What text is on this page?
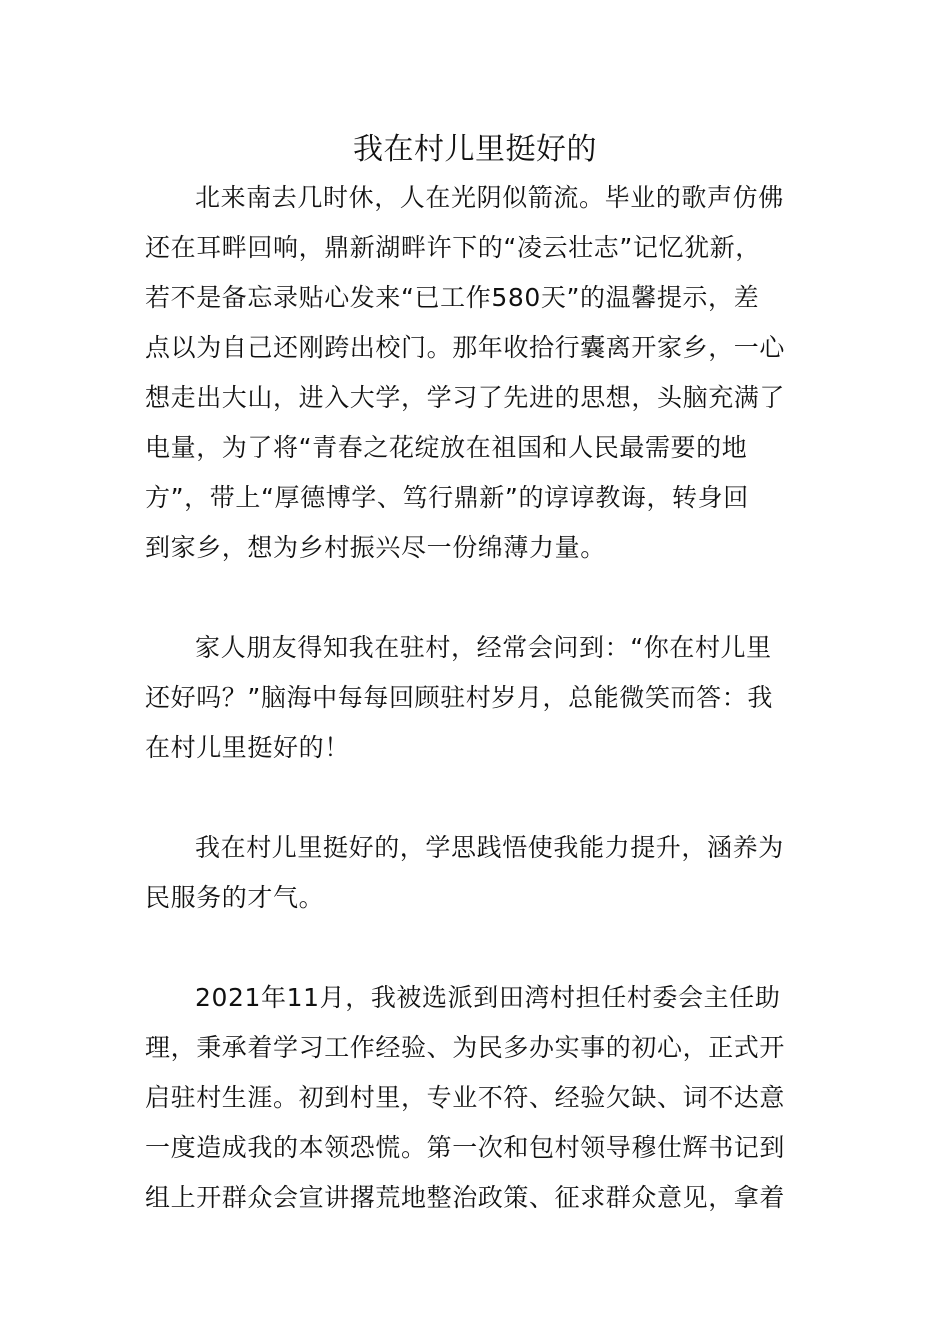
我在村儿里挺好的

北来南去几时休，人在光阴似箭流。毕业的歌声仿佛

还在耳畔回响，鼎新湖畔许下的“凌云壮志”记忆犹新，

若不是备忘录贴心发来“已工作580天”的温馨提示，差

点以为自己还刚跨出校门。那年收拾行囊离开家乡，一心

想走出大山，进入大学，学习了先进的思想，头脑充满了

电量，为了将“青春之花绽放在祖国和人民最需要的地

方”，带上“厚德博学、笃行鼎新”的谆谆教诲，转身回

到家乡，想为乡村振兴尽一份绵薄力量。

家人朋友得知我在驻村，经常会问到：“你在村儿里

还好吗？”脑海中每每回顾驻村岁月，总能微笑而答：我

在村儿里挺好的！

我在村儿里挺好的，学思践悟使我能力提升，涵养为

民服务的才气。

2021年11月，我被选派到田湾村担任村委会主任助

理，秉承着学习工作经验、为民多办实事的初心，正式开

启驻村生涯。初到村里，专业不符、经验欠缺、词不达意

一度造成我的本领恐慌。第一次和包村领导穆仕辉书记到

组上开群众会宣讲撂荒地整治政策、征求群众意见，拿着
